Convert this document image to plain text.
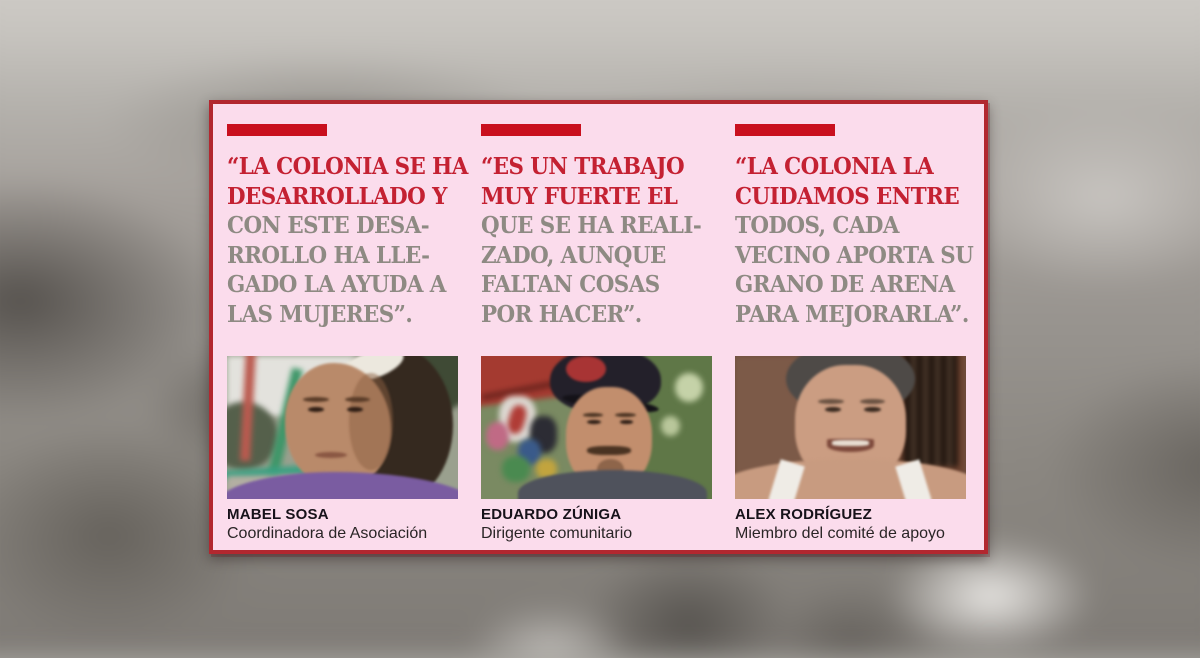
“LA COLONIA SE HA
DESARROLLADO Y
CON ESTE DESA-
RROLLO HA LLE-
GADO LA AYUDA A
LAS MUJERES”.
MABEL SOSA
Coordinadora de Asociación
“ES UN TRABAJO
MUY FUERTE EL
QUE SE HA REALI-
ZADO, AUNQUE
FALTAN COSAS
POR HACER”.
EDUARDO ZÚNIGA
Dirigente comunitario
“LA COLONIA LA
CUIDAMOS ENTRE
TODOS, CADA
VECINO APORTA SU
GRANO DE ARENA
PARA MEJORARLA”.
ALEX RODRÍGUEZ
Miembro del comité de apoyo
